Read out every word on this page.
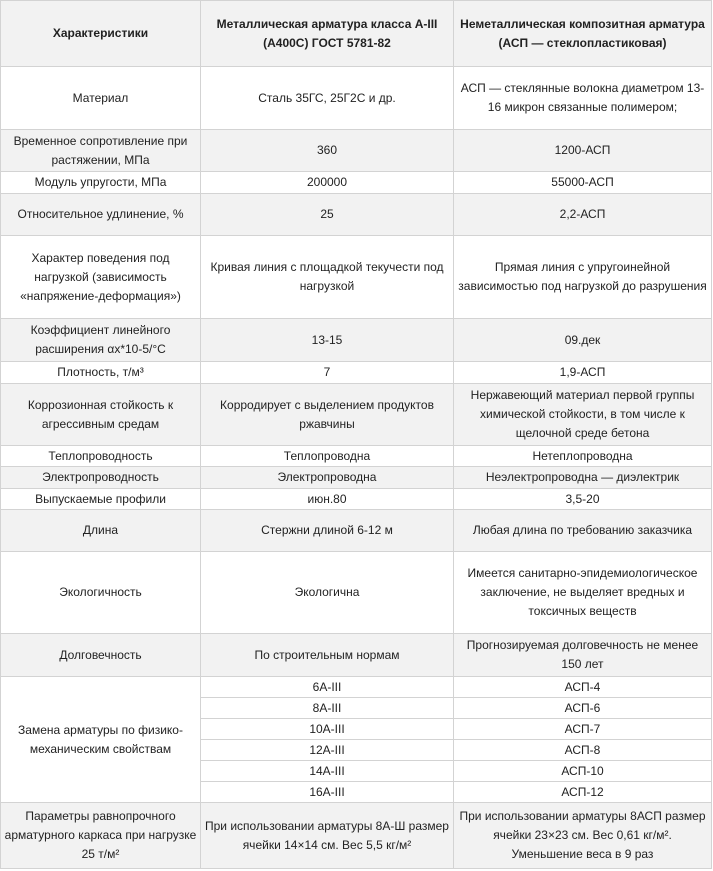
Характеристики	Металлическая арматура класса А-III (А400С) ГОСТ 5781-82	Неметаллическая композитная арматура (АСП — стеклопластиковая)
Материал	Сталь 35ГС, 25Г2С и др.	АСП — стеклянные волокна диаметром 13-16 микрон связанные полимером;
Временное сопротивление при растяжении, МПа	360	1200-АСП
Модуль упругости, МПа	200000	55000-АСП
Относительное удлинение, %	25	2,2-АСП
Характер поведения под нагрузкой (зависимость «напряжение-деформация»)	Кривая линия с площадкой текучести под нагрузкой	Прямая линия с упругоинейной зависимостью под нагрузкой до разрушения
Коэффициент линейного расширения αх*10-5/°С	13-15	09.дек
Плотность, т/м³	7	1,9-АСП
Коррозионная стойкость к агрессивным средам	Корродирует с выделением продуктов ржавчины	Нержавеющий материал первой группы химической стойкости, в том числе к щелочной среде бетона
Теплопроводность	Теплопроводна	Нетеплопроводна
Электропроводность	Электропроводна	Неэлектропроводна — диэлектрик
Выпускаемые профили	июн.80	3,5-20
Длина	Стержни длиной 6-12 м	Любая длина по требованию заказчика
Экологичность	Экологична	Имеется санитарно-эпидемиологическое заключение, не выделяет вредных и токсичных веществ
Долговечность	По строительным нормам	Прогнозируемая долговечность не менее 150 лет
Замена арматуры по физико-механическим свойствам	6А-III	АСП-4
	8А-III	АСП-6
	10А-III	АСП-7
	12А-III	АСП-8
	14А-III	АСП-10
	16А-III	АСП-12
Параметры равнопрочного арматурного каркаса при нагрузке 25 т/м²	При использовании арматуры 8А-Ш размер ячейки 14×14 см. Вес 5,5 кг/м²	При использовании арматуры 8АСП размер ячейки 23×23 см. Вес 0,61 кг/м². Уменьшение веса в 9 раз
